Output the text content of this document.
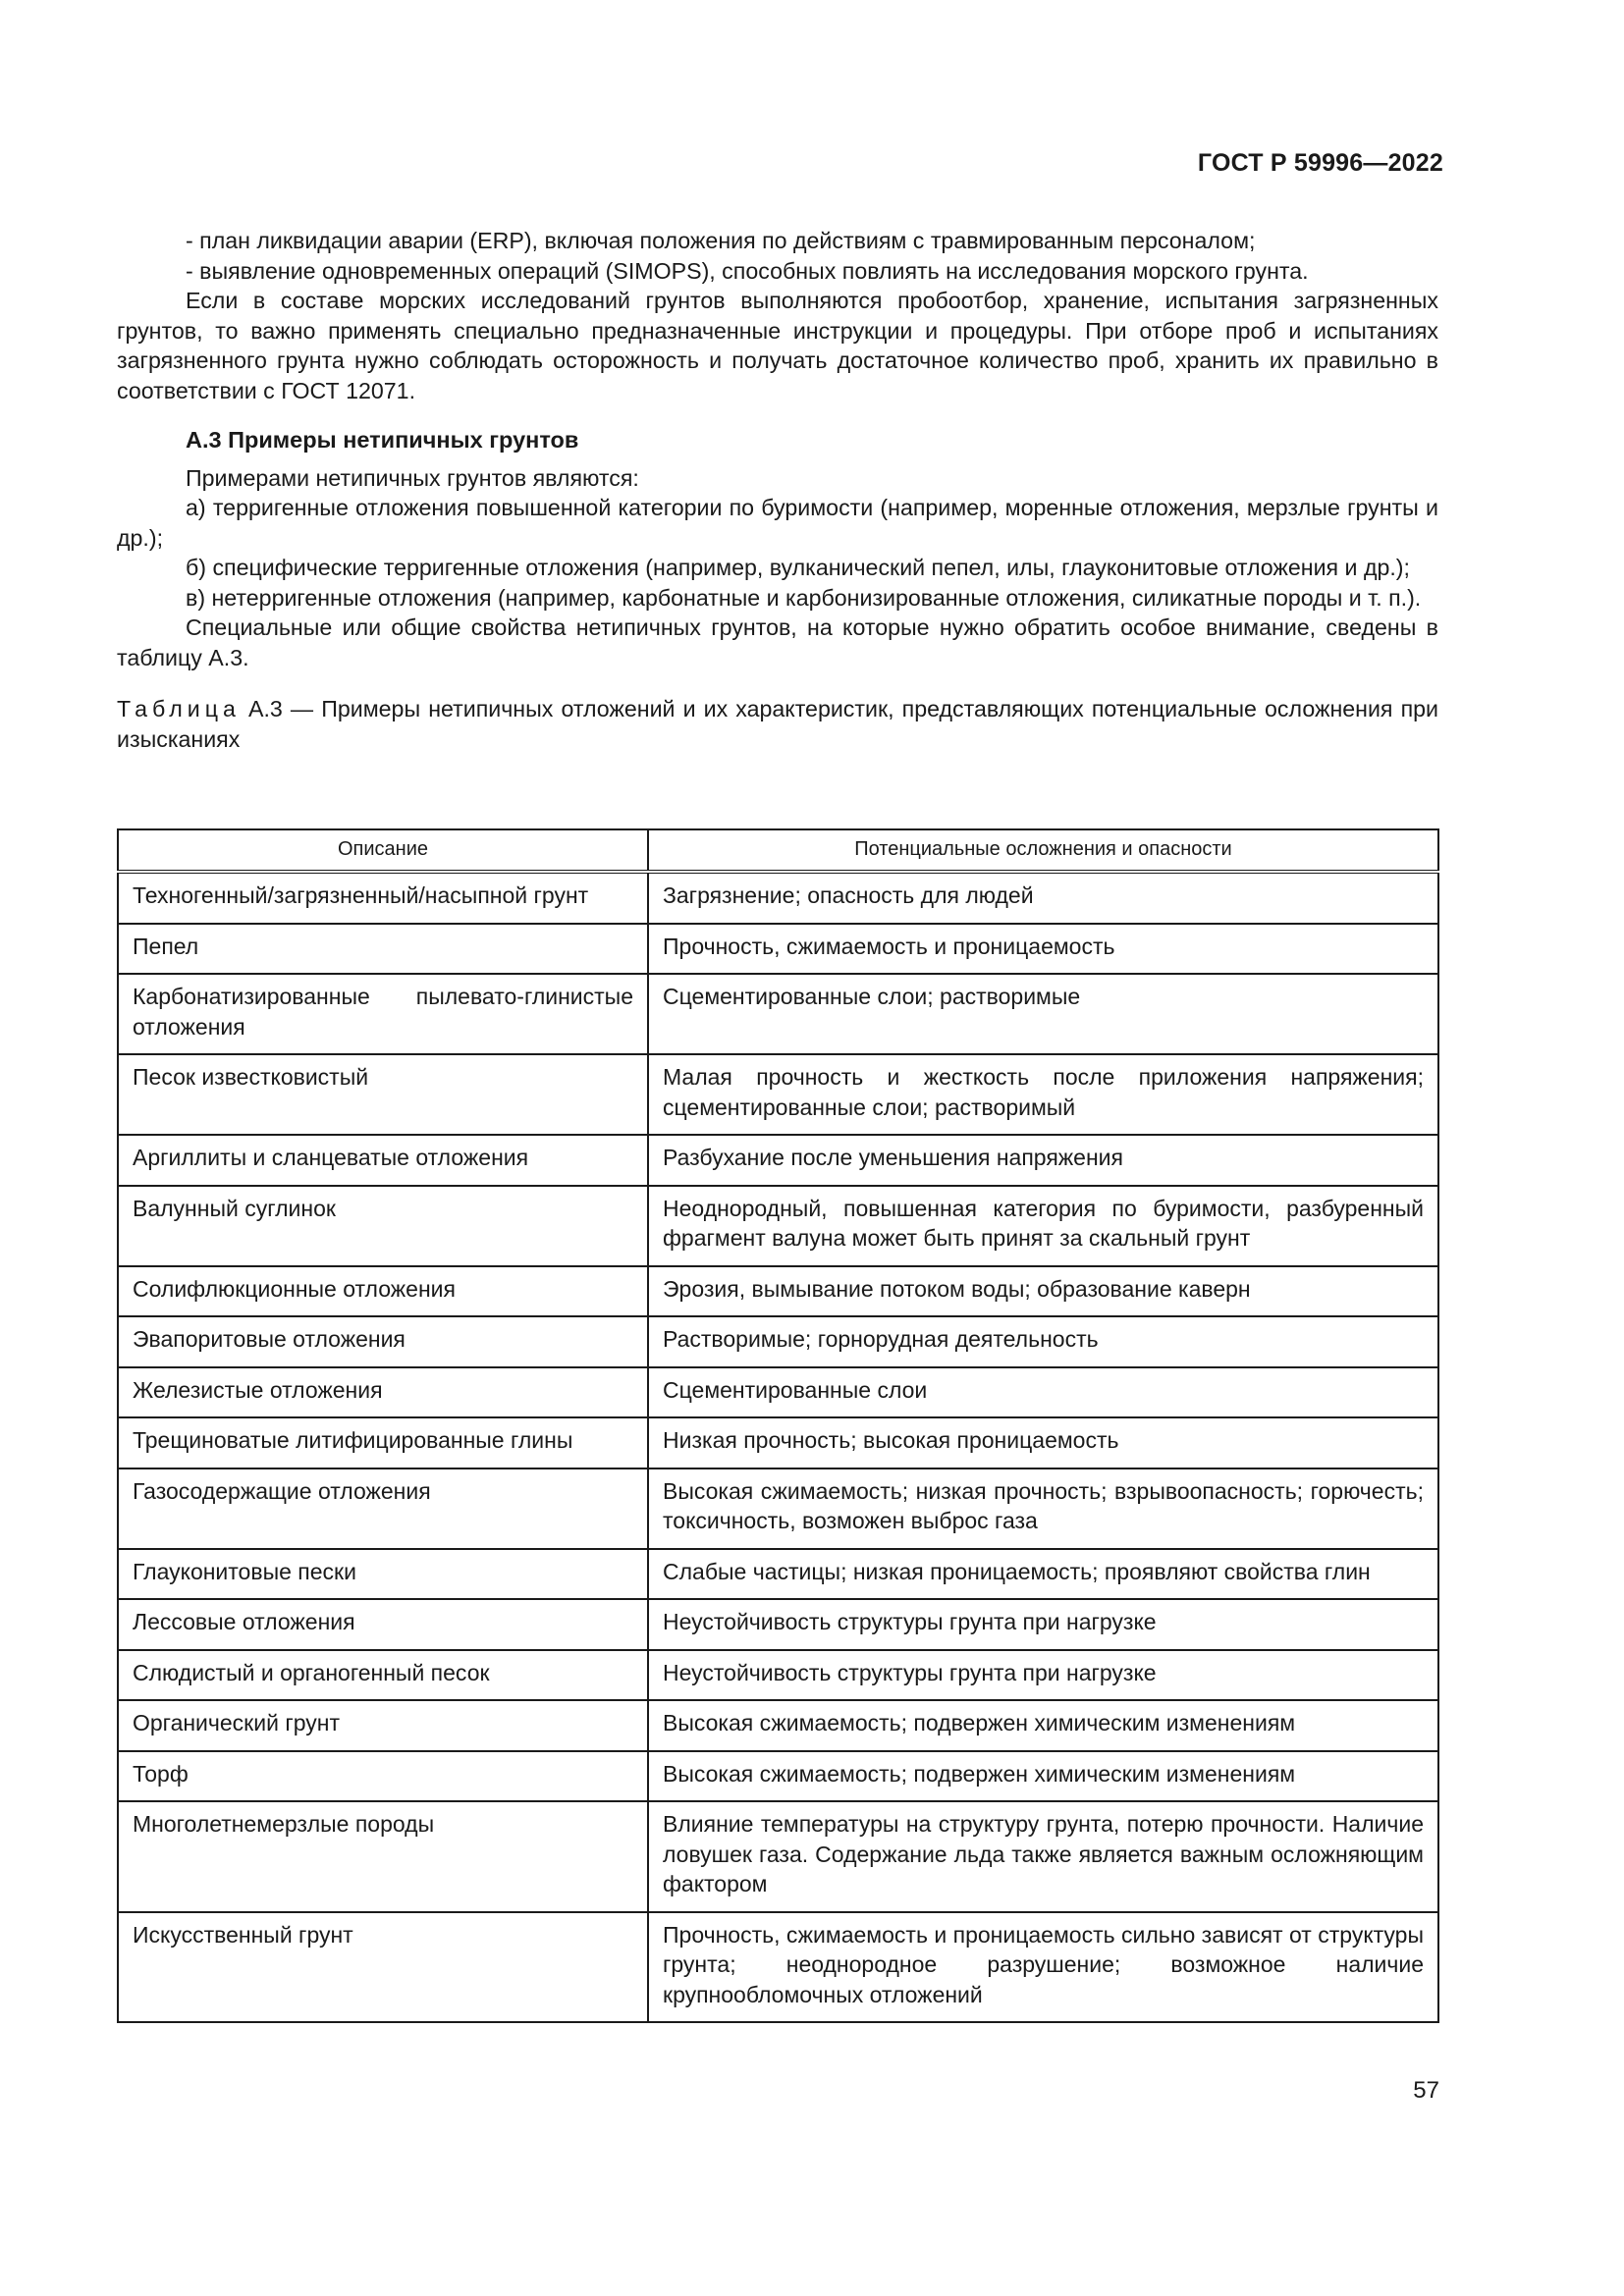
ГОСТ Р 59996—2022
- план ликвидации аварии (ERP), включая положения по действиям с травмированным персоналом;
- выявление одновременных операций (SIMOPS), способных повлиять на исследования морского грунта.
Если в составе морских исследований грунтов выполняются пробоотбор, хранение, испытания загрязненных грунтов, то важно применять специально предназначенные инструкции и процедуры. При отборе проб и испытаниях загрязненного грунта нужно соблюдать осторожность и получать достаточное количество проб, хранить их правильно в соответствии с ГОСТ 12071.
А.3 Примеры нетипичных грунтов
Примерами нетипичных грунтов являются:
а) терригенные отложения повышенной категории по буримости (например, моренные отложения, мерзлые грунты и др.);
б) специфические терригенные отложения (например, вулканический пепел, илы, глауконитовые отложения и др.);
в) нетерригенные отложения (например, карбонатные и карбонизированные отложения, силикатные породы и т. п.).
Специальные или общие свойства нетипичных грунтов, на которые нужно обратить особое внимание, сведены в таблицу А.3.
Таблица А.3 — Примеры нетипичных отложений и их характеристик, представляющих потенциальные осложнения при изысканиях
Описание	Потенциальные осложнения и опасности
Техногенный/загрязненный/насыпной грунт	Загрязнение; опасность для людей
Пепел	Прочность, сжимаемость и проницаемость
Карбонатизированные пылевато-глинистые отложения	Сцементированные слои; растворимые
Песок известковистый	Малая прочность и жесткость после приложения напряжения; сцементированные слои; растворимый
Аргиллиты и сланцеватые отложения	Разбухание после уменьшения напряжения
Валунный суглинок	Неоднородный, повышенная категория по буримости, разбуренный фрагмент валуна может быть принят за скальный грунт
Солифлюкционные отложения	Эрозия, вымывание потоком воды; образование каверн
Эвапоритовые отложения	Растворимые; горнорудная деятельность
Железистые отложения	Сцементированные слои
Трещиноватые литифицированные глины	Низкая прочность; высокая проницаемость
Газосодержащие отложения	Высокая сжимаемость; низкая прочность; взрывоопасность; горючесть; токсичность, возможен выброс газа
Глауконитовые пески	Слабые частицы; низкая проницаемость; проявляют свойства глин
Лессовые отложения	Неустойчивость структуры грунта при нагрузке
Слюдистый и органогенный песок	Неустойчивость структуры грунта при нагрузке
Органический грунт	Высокая сжимаемость; подвержен химическим изменениям
Торф	Высокая сжимаемость; подвержен химическим изменениям
Многолетнемерзлые породы	Влияние температуры на структуру грунта, потерю прочности. Наличие ловушек газа. Содержание льда также является важным осложняющим фактором
Искусственный грунт	Прочность, сжимаемость и проницаемость сильно зависят от структуры грунта; неоднородное разрушение; возможное наличие крупнообломочных отложений
57
